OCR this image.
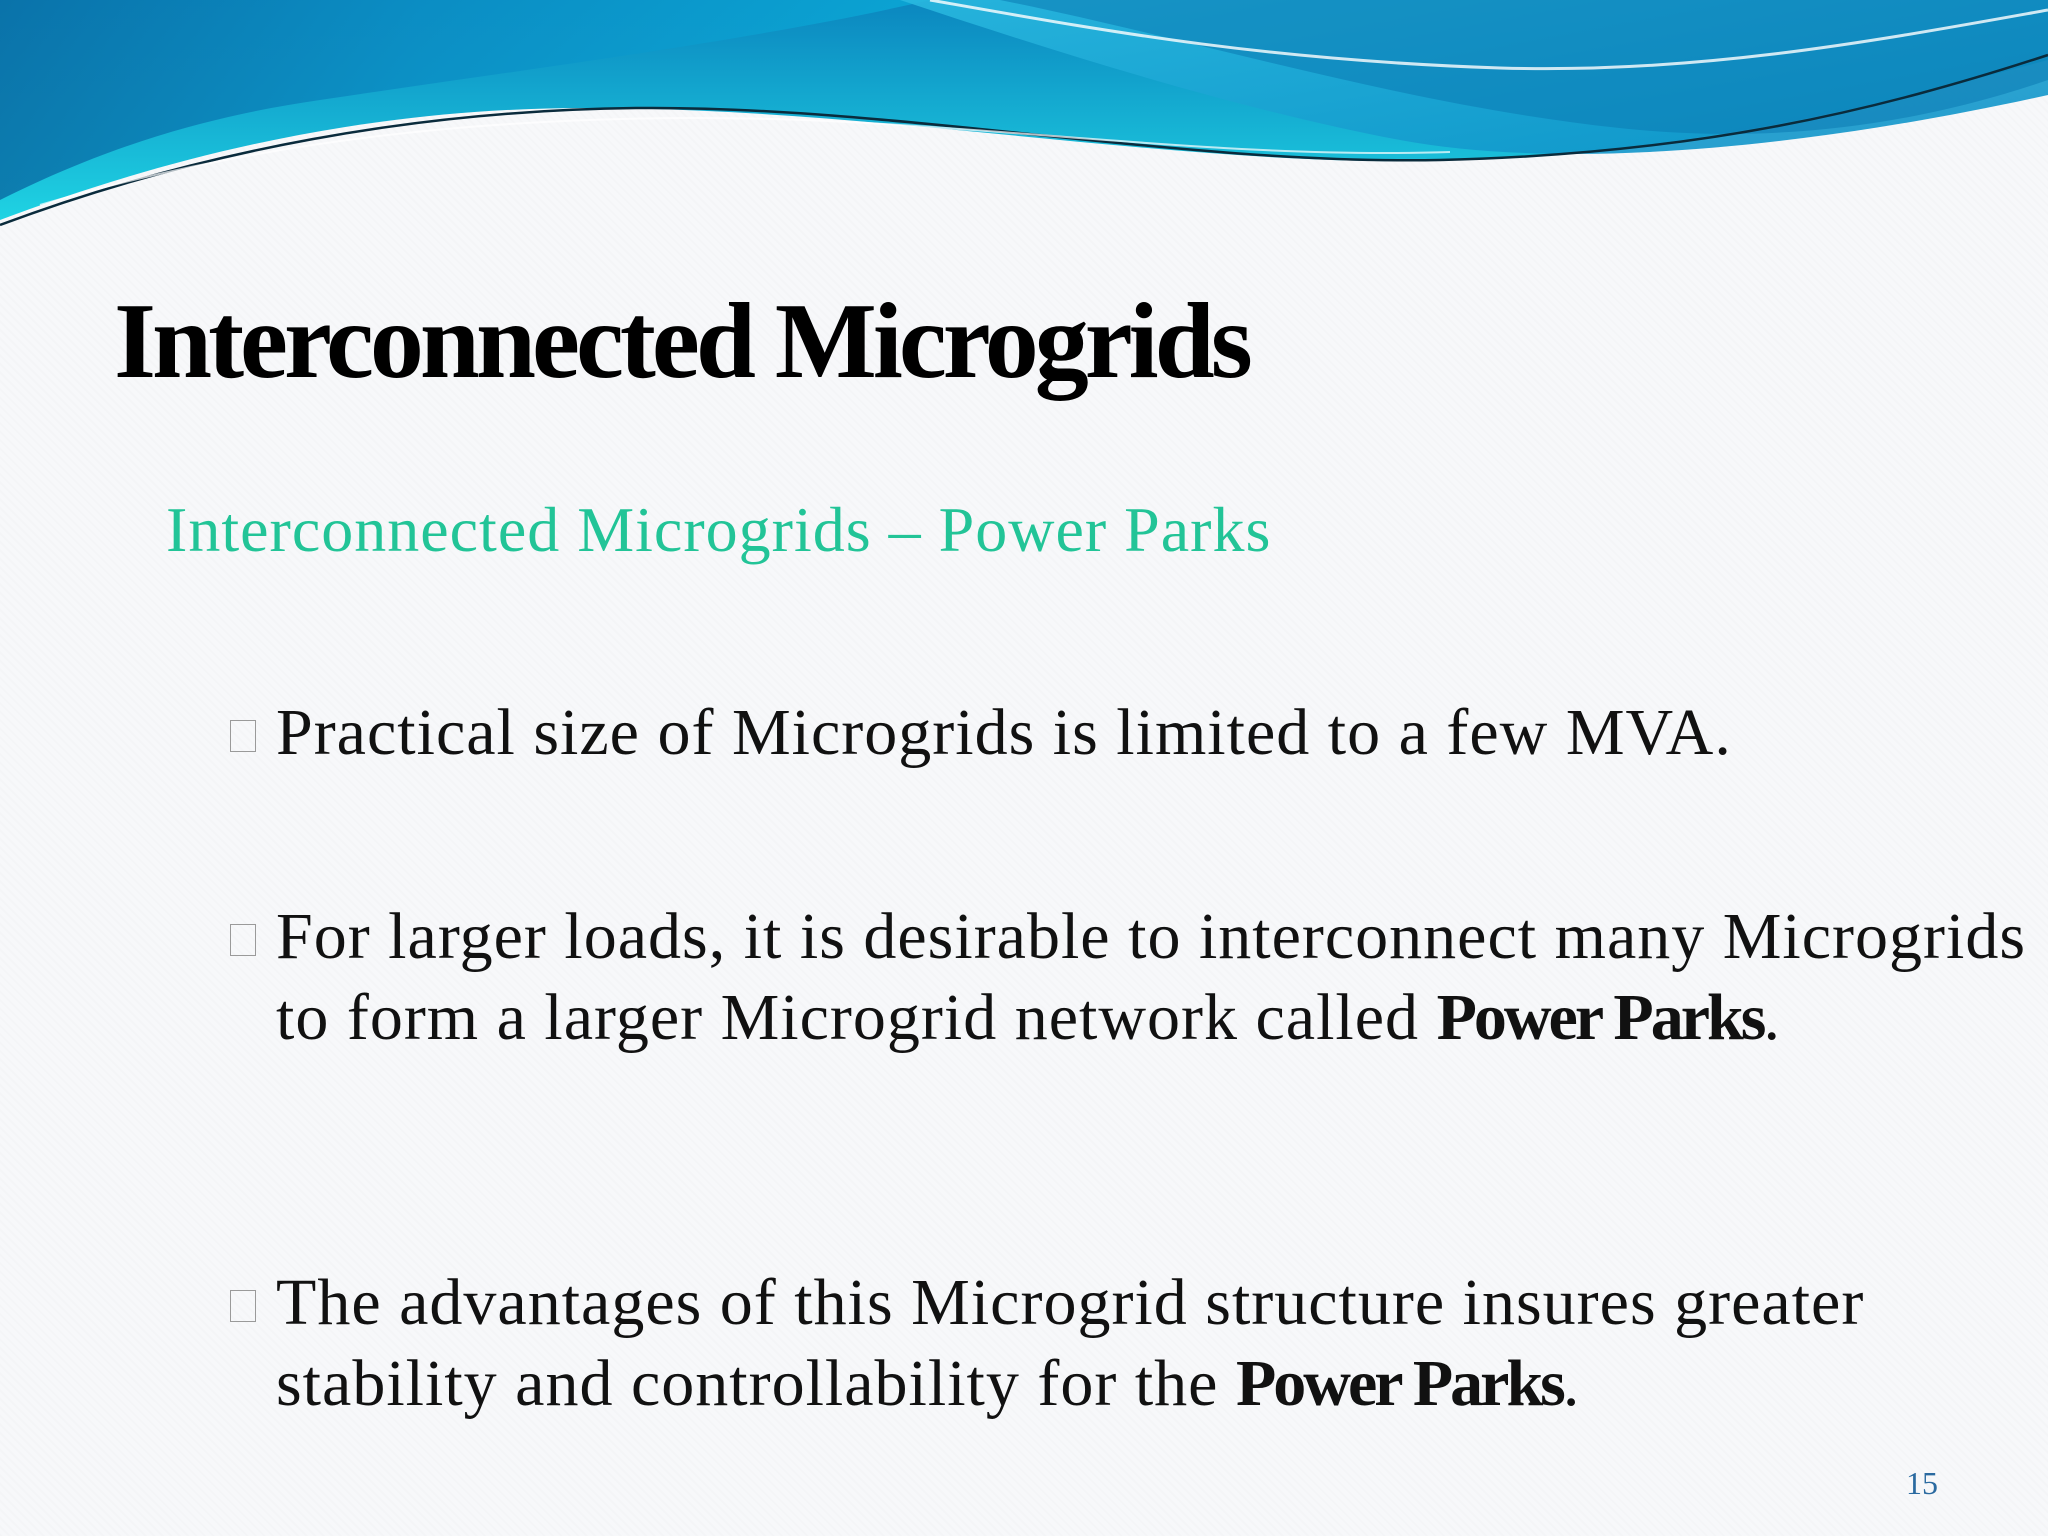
Interconnected Microgrids
Interconnected Microgrids – Power Parks
Practical size of Microgrids is limited to a few MVA.
For larger loads, it is desirable to interconnect many Microgrids to form a larger Microgrid network called Power Parks.
The advantages of this Microgrid structure insures greater stability and controllability for the Power Parks.
15
